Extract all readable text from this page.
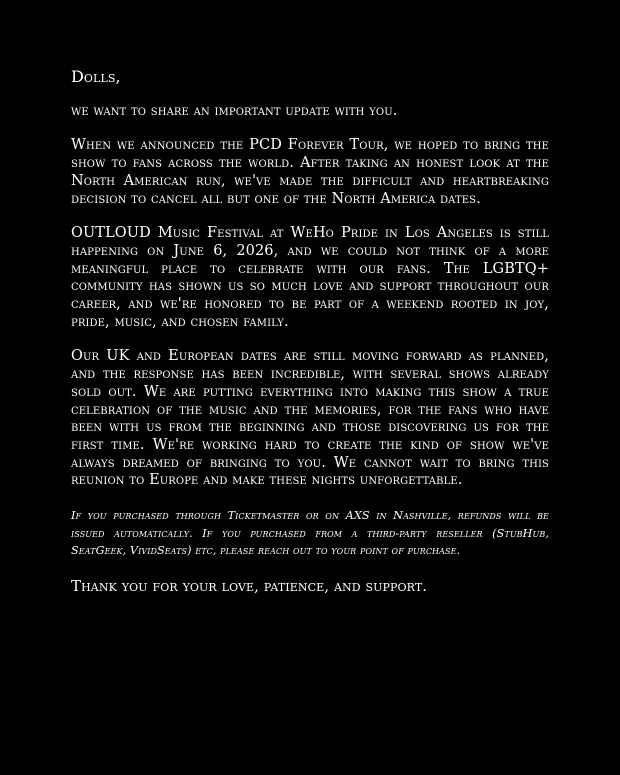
Dolls,

we want to share an important update with you.

When we announced the PCD Forever Tour, we hoped to bring the show to fans across the world. After taking an honest look at the North American run, we've made the difficult and heartbreaking decision to cancel all but one of the North America dates.

OUTLOUD Music Festival at WeHo Pride in Los Angeles is still happening on June 6, 2026, and we could not think of a more meaningful place to celebrate with our fans. The LGBTQ+ community has shown us so much love and support throughout our career, and we're honored to be part of a weekend rooted in joy, pride, music, and chosen family.

Our UK and European dates are still moving forward as planned, and the response has been incredible, with several shows already sold out. We are putting everything into making this show a true celebration of the music and the memories, for the fans who have been with us from the beginning and those discovering us for the first time. We're working hard to create the kind of show we've always dreamed of bringing to you. We cannot wait to bring this reunion to Europe and make these nights unforgettable.

If you purchased through Ticketmaster or on AXS in Nashville, refunds will be issued automatically. If you purchased from a third-party reseller (StubHub, SeatGeek, VividSeats) etc, please reach out to your point of purchase.

Thank you for your love, patience, and support.
